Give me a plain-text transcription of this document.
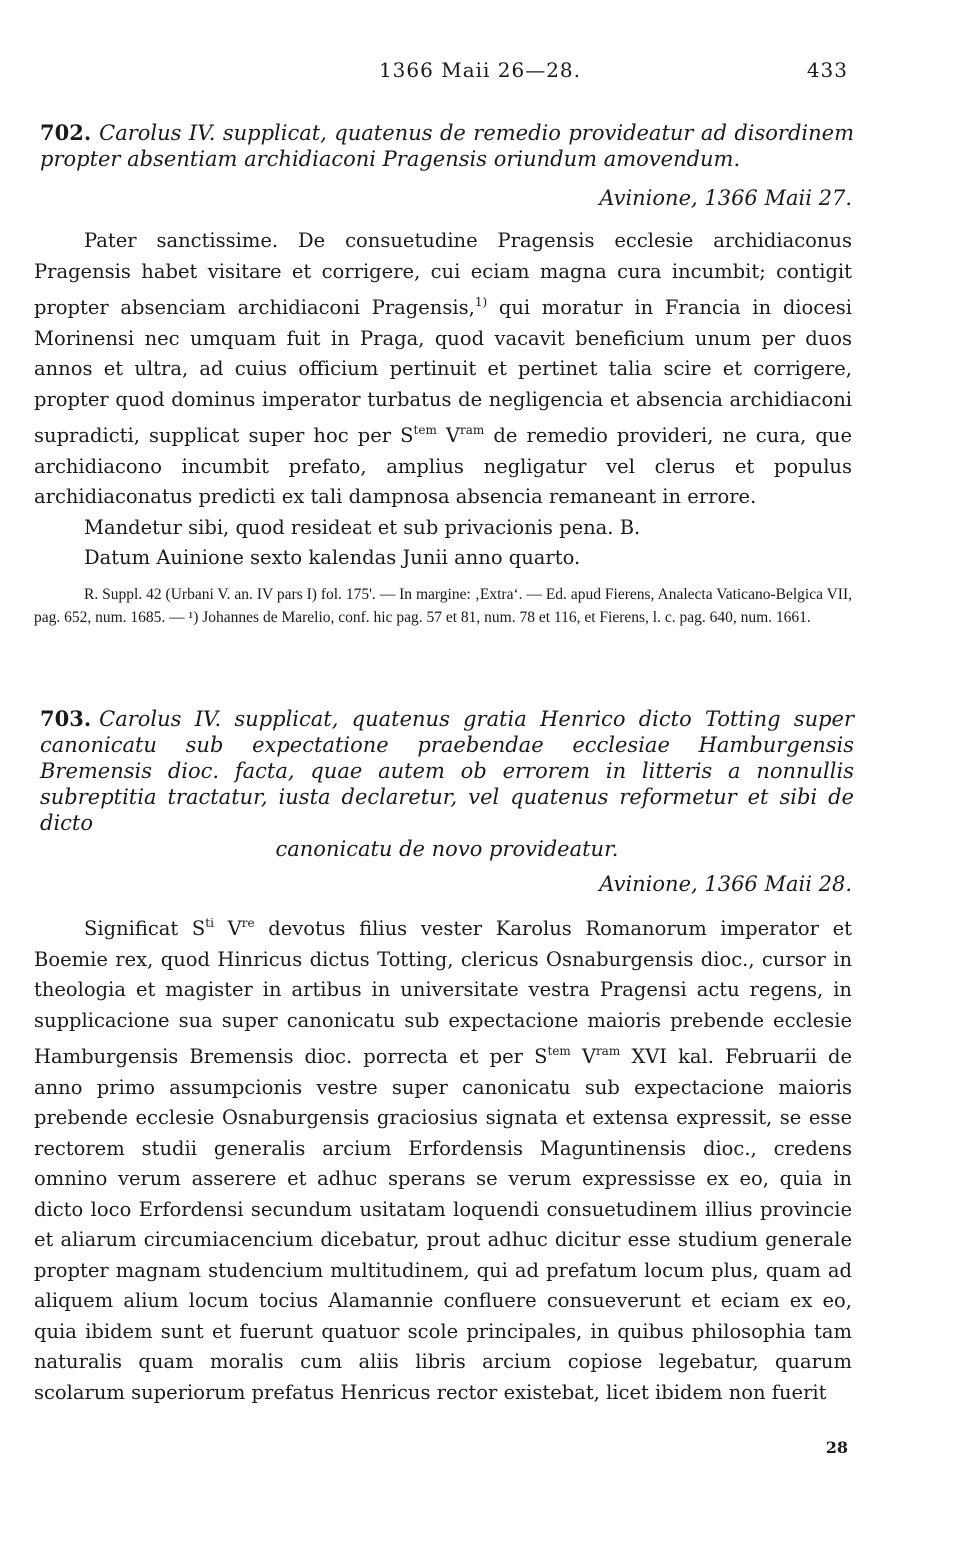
1366 Maii 26—28.	433
702. Carolus IV. supplicat, quatenus de remedio provideatur ad disordinem propter absentiam archidiaconi Pragensis oriundum amovendum.
Avinione, 1366 Maii 27.

Pater sanctissime. De consuetudine Pragensis ecclesie archidiaconus Pragensis habet visitare et corrigere, cui eciam magna cura incumbit; contigit propter absenciam archidiaconi Pragensis,$^{1)}$ qui moratur in Francia in diocesi Morinensi nec umquam fuit in Praga, quod vacavit beneficium unum per duos annos et ultra, ad cuius officium pertinuit et pertinet talia scire et corrigere, propter quod dominus imperator turbatus de negligencia et absencia archidiaconi supradicti, supplicat super hoc per $S^{tem}$ $V^{ram}$ de remedio provideri, ne cura, que archidiacono incumbit prefato, amplius negligatur vel clerus et populus archidiaconatus predicti ex tali dampnosa absencia remaneant in errore.

Mandetur sibi, quod resideat et sub privacionis pena. B.

Datum Auinione sexto kalendas Junii anno quarto.

R. Suppl. 42 (Urbani V. an. IV pars I) fol. 175'. — In margine: ‚Extra‘. — Ed. apud Fierens, Analecta Vaticano-Belgica VII, pag. 652, num. 1685. — ¹) Johannes de Marelio, conf. hic pag. 57 et 81, num. 78 et 116, et Fierens, l. c. pag. 640, num. 1661.

703. Carolus IV. supplicat, quatenus gratia Henrico dicto Totting super canonicatu sub expectatione praebendae ecclesiae Hamburgensis Bremensis dioc. facta, quae autem ob errorem in litteris a nonnullis subreptitia tractatur, iusta declaretur, vel quatenus reformetur et sibi de dicto
canonicatu de novo provideatur.
Avinione, 1366 Maii 28.

Significat $S^{ti}$ Vre devotus filius vester Karolus Romanorum imperator et Boemie rex, quod Hinricus dictus Totting, clericus Osnaburgensis dioc., cursor in theologia et magister in artibus in universitate vestra Pragensi actu regens, in supplicacione sua super canonicatu sub expectacione maioris prebende ecclesie Hamburgensis Bremensis dioc. porrecta et per $S^{tem}$ $V^{ram}$ XVI kal. Februarii de anno primo assumpcionis vestre super canonicatu sub expectacione maioris prebende ecclesie Osnaburgensis graciosius signata et extensa expressit, se esse rectorem studii generalis arcium Erfordensis Maguntinensis dioc., credens omnino verum asserere et adhuc sperans se verum expressisse ex eo, quia in dicto loco Erfordensi secundum usitatam loquendi consuetudinem illius provincie et aliarum circumiacencium dicebatur, prout adhuc dicitur esse studium generale propter magnam studencium multitudinem, qui ad prefatum locum plus, quam ad aliquem alium locum tocius Alamannie confluere consueverunt et eciam ex eo, quia ibidem sunt et fuerunt quatuor scole principales, in quibus philosophia tam naturalis quam moralis cum aliis libris arcium copiose legebatur, quarum scolarum superiorum prefatus Henricus rector existebat, licet ibidem non fuerit

28
